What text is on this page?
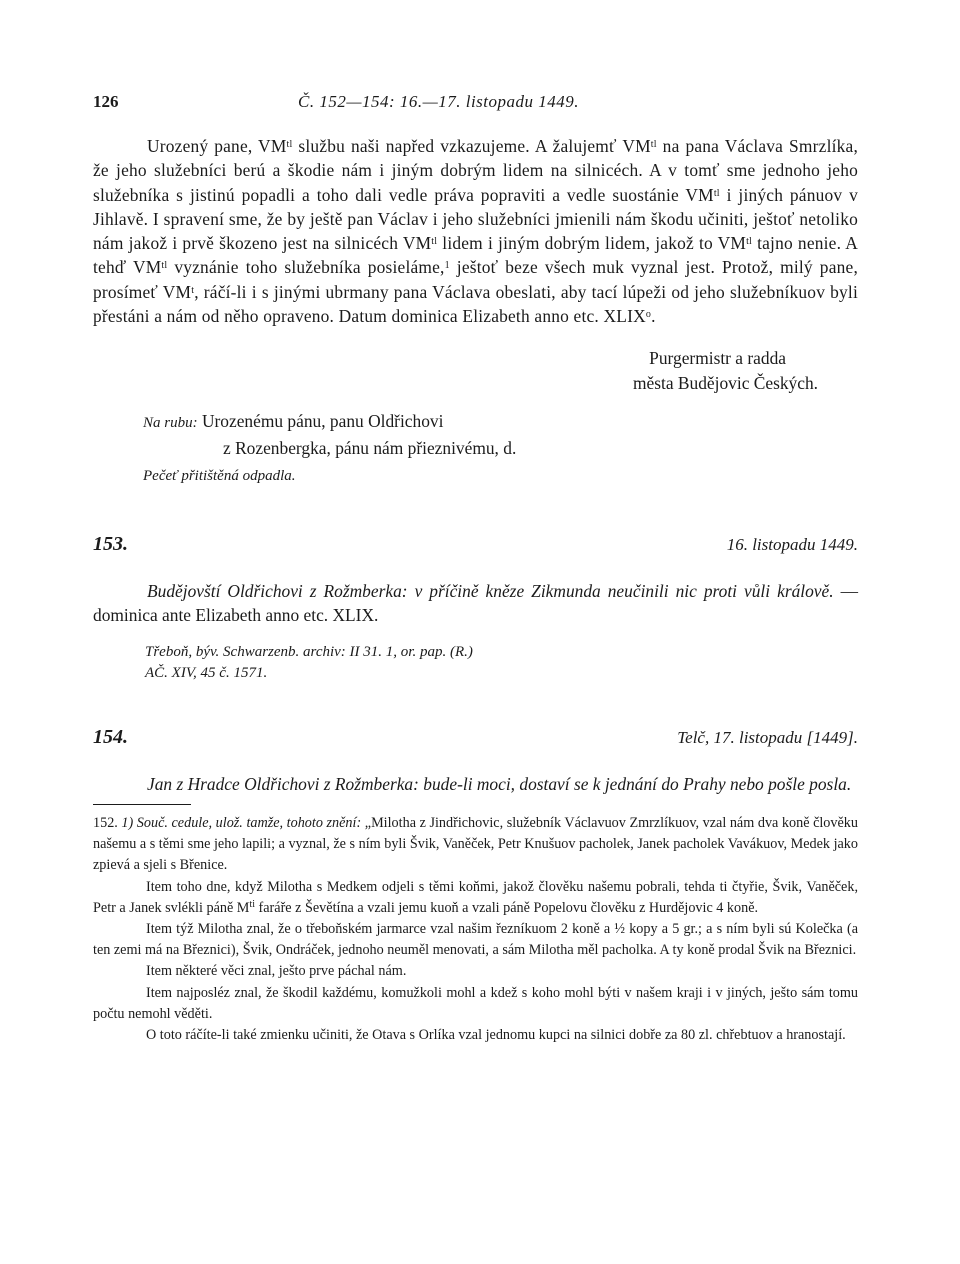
126	Č. 152—154: 16.—17. listopadu 1449.
Urozený pane, $VM^{tl}$ službu naši napřed vzkazujeme. A žalujemť $VM^{tl}$ na pana Václava Smrzlíka, že jeho služebníci berú a škodie nám i jiným dobrým lidem na silnicéch. A v tomť sme jednoho jeho služebníka s jistinú popadli a toho dali vedle práva popraviti a vedle suostánie $VM^{tl}$ i jiných pánuov v Jihlavě. I spravení sme, že by ještě pan Václav i jeho služebníci jmienili nám škodu učiniti, ještoť netoliko nám jakož i prvě škozeno jest na silnicéch $VM^{tl}$ lidem i jiným dobrým lidem, jakož to $VM^{tl}$ tajno nenie. A tehď $VM^{tl}$ vyznánie toho služebníka posieláme,$^1$ ještoť beze všech muk vyznal jest. Protož, milý pane, prosímeť $VM^t$, ráčí-li i s jinými ubrmany pana Václava obeslati, aby tací lúpeži od jeho služebníkuov byli přestáni a nám od něho opraveno. Datum dominica Elizabeth anno etc. XLIX$^o$.
Purgermistr a radda
města Budějovic Českých.
Na rubu: Urozenému pánu, panu Oldřichovi
z Rozenbergka, pánu nám přieznivému, d.
Pečeť přitištěná odpadla.
153.	16. listopadu 1449.
Budějovští Oldřichovi z Rožmberka: v příčině kněze Zikmunda neučinili nic proti vůli králově. — dominica ante Elizabeth anno etc. XLIX.
Třeboň, býv. Schwarzenb. archiv: II 31. 1, or. pap. (R.)
AČ. XIV, 45 č. 1571.
154.	Telč, 17. listopadu [1449].
Jan z Hradce Oldřichovi z Rožmberka: bude-li moci, dostaví se k jednání do Prahy nebo pošle posla.

152. 1) Souč. cedule, ulož. tamže, tohoto znění: „Milotha z Jindřichovic, služebník Václavuov Zmrzlíkuov, vzal nám dva koně člověku našemu a s těmi sme jeho lapili; a vyznal, že s ním byli Švik, Vaněček, Petr Knušuov pacholek, Janek pacholek Vavákuov, Medek jako zpievá a sjeli s Břenice.

Item toho dne, když Milotha s Medkem odjeli s těmi koňmi, jakož člověku našemu pobrali, tehda ti čtyřie, Švik, Vaněček, Petr a Janek svlékli páně $M^{ti}$ faráře z Ševětína a vzali jemu kuoň a vzali páně Popelovu člověku z Hurdějovic 4 koně.

Item týž Milotha znal, že o třeboňském jarmarce vzal našim řezníkuom 2 koně a ½ kopy a 5 gr.; a s ním byli sú Kolečka (a ten zemi má na Březnici), Švik, Ondráček, jednoho neuměl menovati, a sám Milotha měl pacholka. A ty koně prodal Švik na Březnici.

Item některé věci znal, ješto prve páchal nám.

Item najposléz znal, že škodil každému, komužkoli mohl a kdež s koho mohl býti v našem kraji i v jiných, ješto sám tomu počtu nemohl věděti.

O toto ráčíte-li také zmienku učiniti, že Otava s Orlíka vzal jednomu kupci na silnici dobře za 80 zl. chřebtuov a hranostají.
